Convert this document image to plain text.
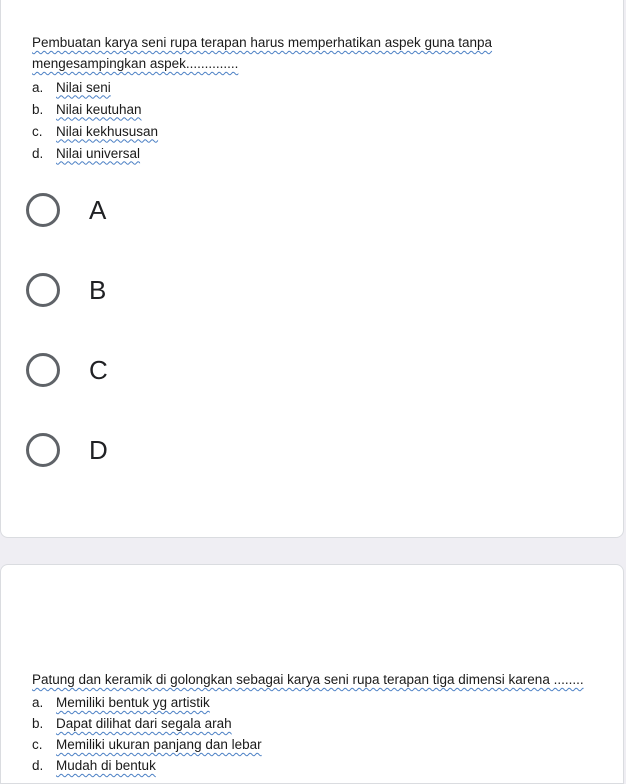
Pembuatan karya seni rupa terapan harus memperhatikan aspek guna tanpa mengesampingkan aspek..............

a. Nilai seni
b. Nilai keutuhan
c. Nilai kekhususan
d. Nilai universal
A
B
C
D

Patung dan keramik di golongkan sebagai karya seni rupa terapan tiga dimensi karena ........

a. Memiliki bentuk yg artistik
b. Dapat dilihat dari segala arah
c. Memiliki ukuran panjang dan lebar
d. Mudah di bentuk
